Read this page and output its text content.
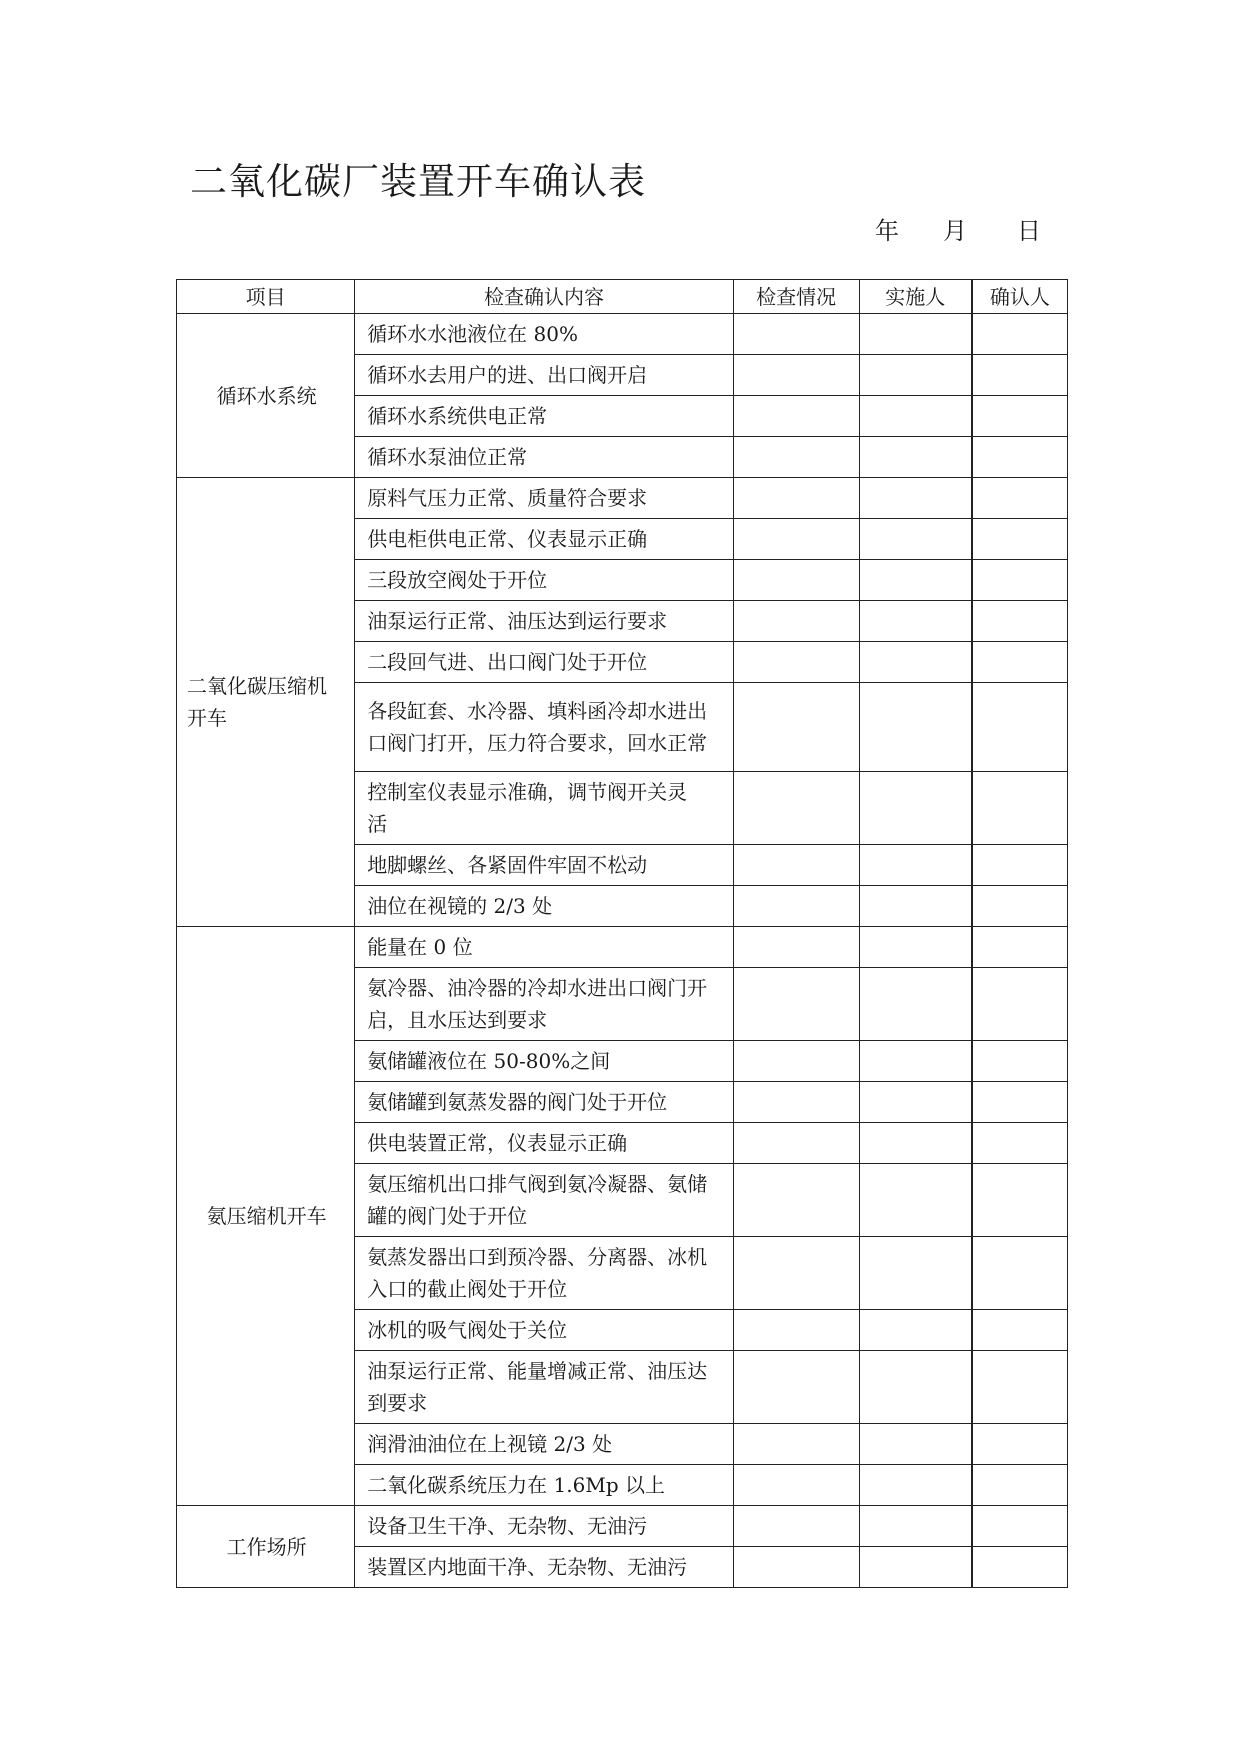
二氧化碳厂装置开车确认表
年 月 日
项目	检查确认内容	检查情况	实施人	确认人
循环水系统	循环水水池液位在 80%			
	循环水去用户的进、出口阀开启			
	循环水系统供电正常			
	循环水泵油位正常			
二氧化碳压缩机开车	原料气压力正常、质量符合要求			
	供电柜供电正常、仪表显示正确			
	三段放空阀处于开位			
	油泵运行正常、油压达到运行要求			
	二段回气进、出口阀门处于开位			
	各段缸套、水冷器、填料函冷却水进出口阀门打开，压力符合要求，回水正常			
	控制室仪表显示准确，调节阀开关灵　活			
	地脚螺丝、各紧固件牢固不松动			
	油位在视镜的 2/3 处			
氨压缩机开车	能量在 0 位			
	氨冷器、油冷器的冷却水进出口阀门开启，且水压达到要求			
	氨储罐液位在 50-80%之间			
	氨储罐到氨蒸发器的阀门处于开位			
	供电装置正常，仪表显示正确			
	氨压缩机出口排气阀到氨冷凝器、氨储罐的阀门处于开位			
	氨蒸发器出口到预冷器、分离器、冰机入口的截止阀处于开位			
	冰机的吸气阀处于关位			
	油泵运行正常、能量增减正常、油压达到要求			
	润滑油油位在上视镜 2/3 处			
	二氧化碳系统压力在 1.6Mp 以上			
工作场所	设备卫生干净、无杂物、无油污			
	装置区内地面干净、无杂物、无油污			
